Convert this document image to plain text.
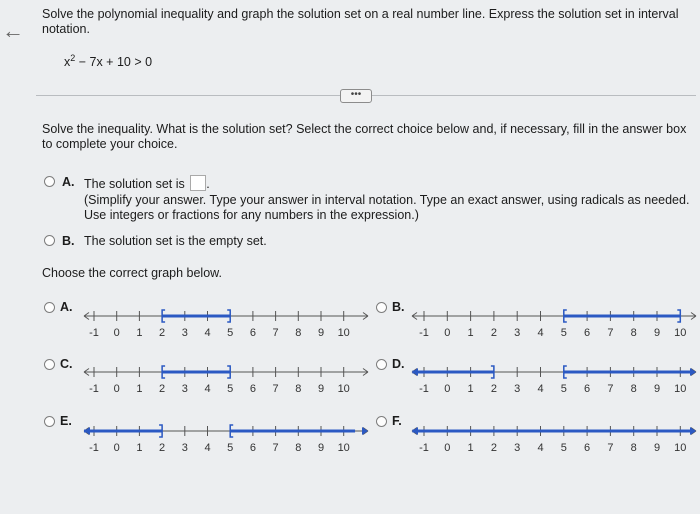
←
Solve the polynomial inequality and graph the solution set on a real number line. Express the solution set in interval notation.
$x^2 - 7x + 10 > 0$
•••
Solve the inequality. What is the solution set? Select the correct choice below and, if necessary, fill in the answer box to complete your choice.
A. The solution set is .
(Simplify your answer. Type your answer in interval notation. Type an exact answer, using radicals as needed. Use integers or fractions for any numbers in the expression.)
B. The solution set is the empty set.
Choose the correct graph below.
A.
-1 0 1 2 3 4 5 6 7 8 9 10
B.
-1 0 1 2 3 4 5 6 7 8 9 10
C.
-1 0 1 2 3 4 5 6 7 8 9 10
D.
-1 0 1 2 3 4 5 6 7 8 9 10
E.
-1 0 1 2 3 4 5 6 7 8 9 10
F.
-1 0 1 2 3 4 5 6 7 8 9 10
